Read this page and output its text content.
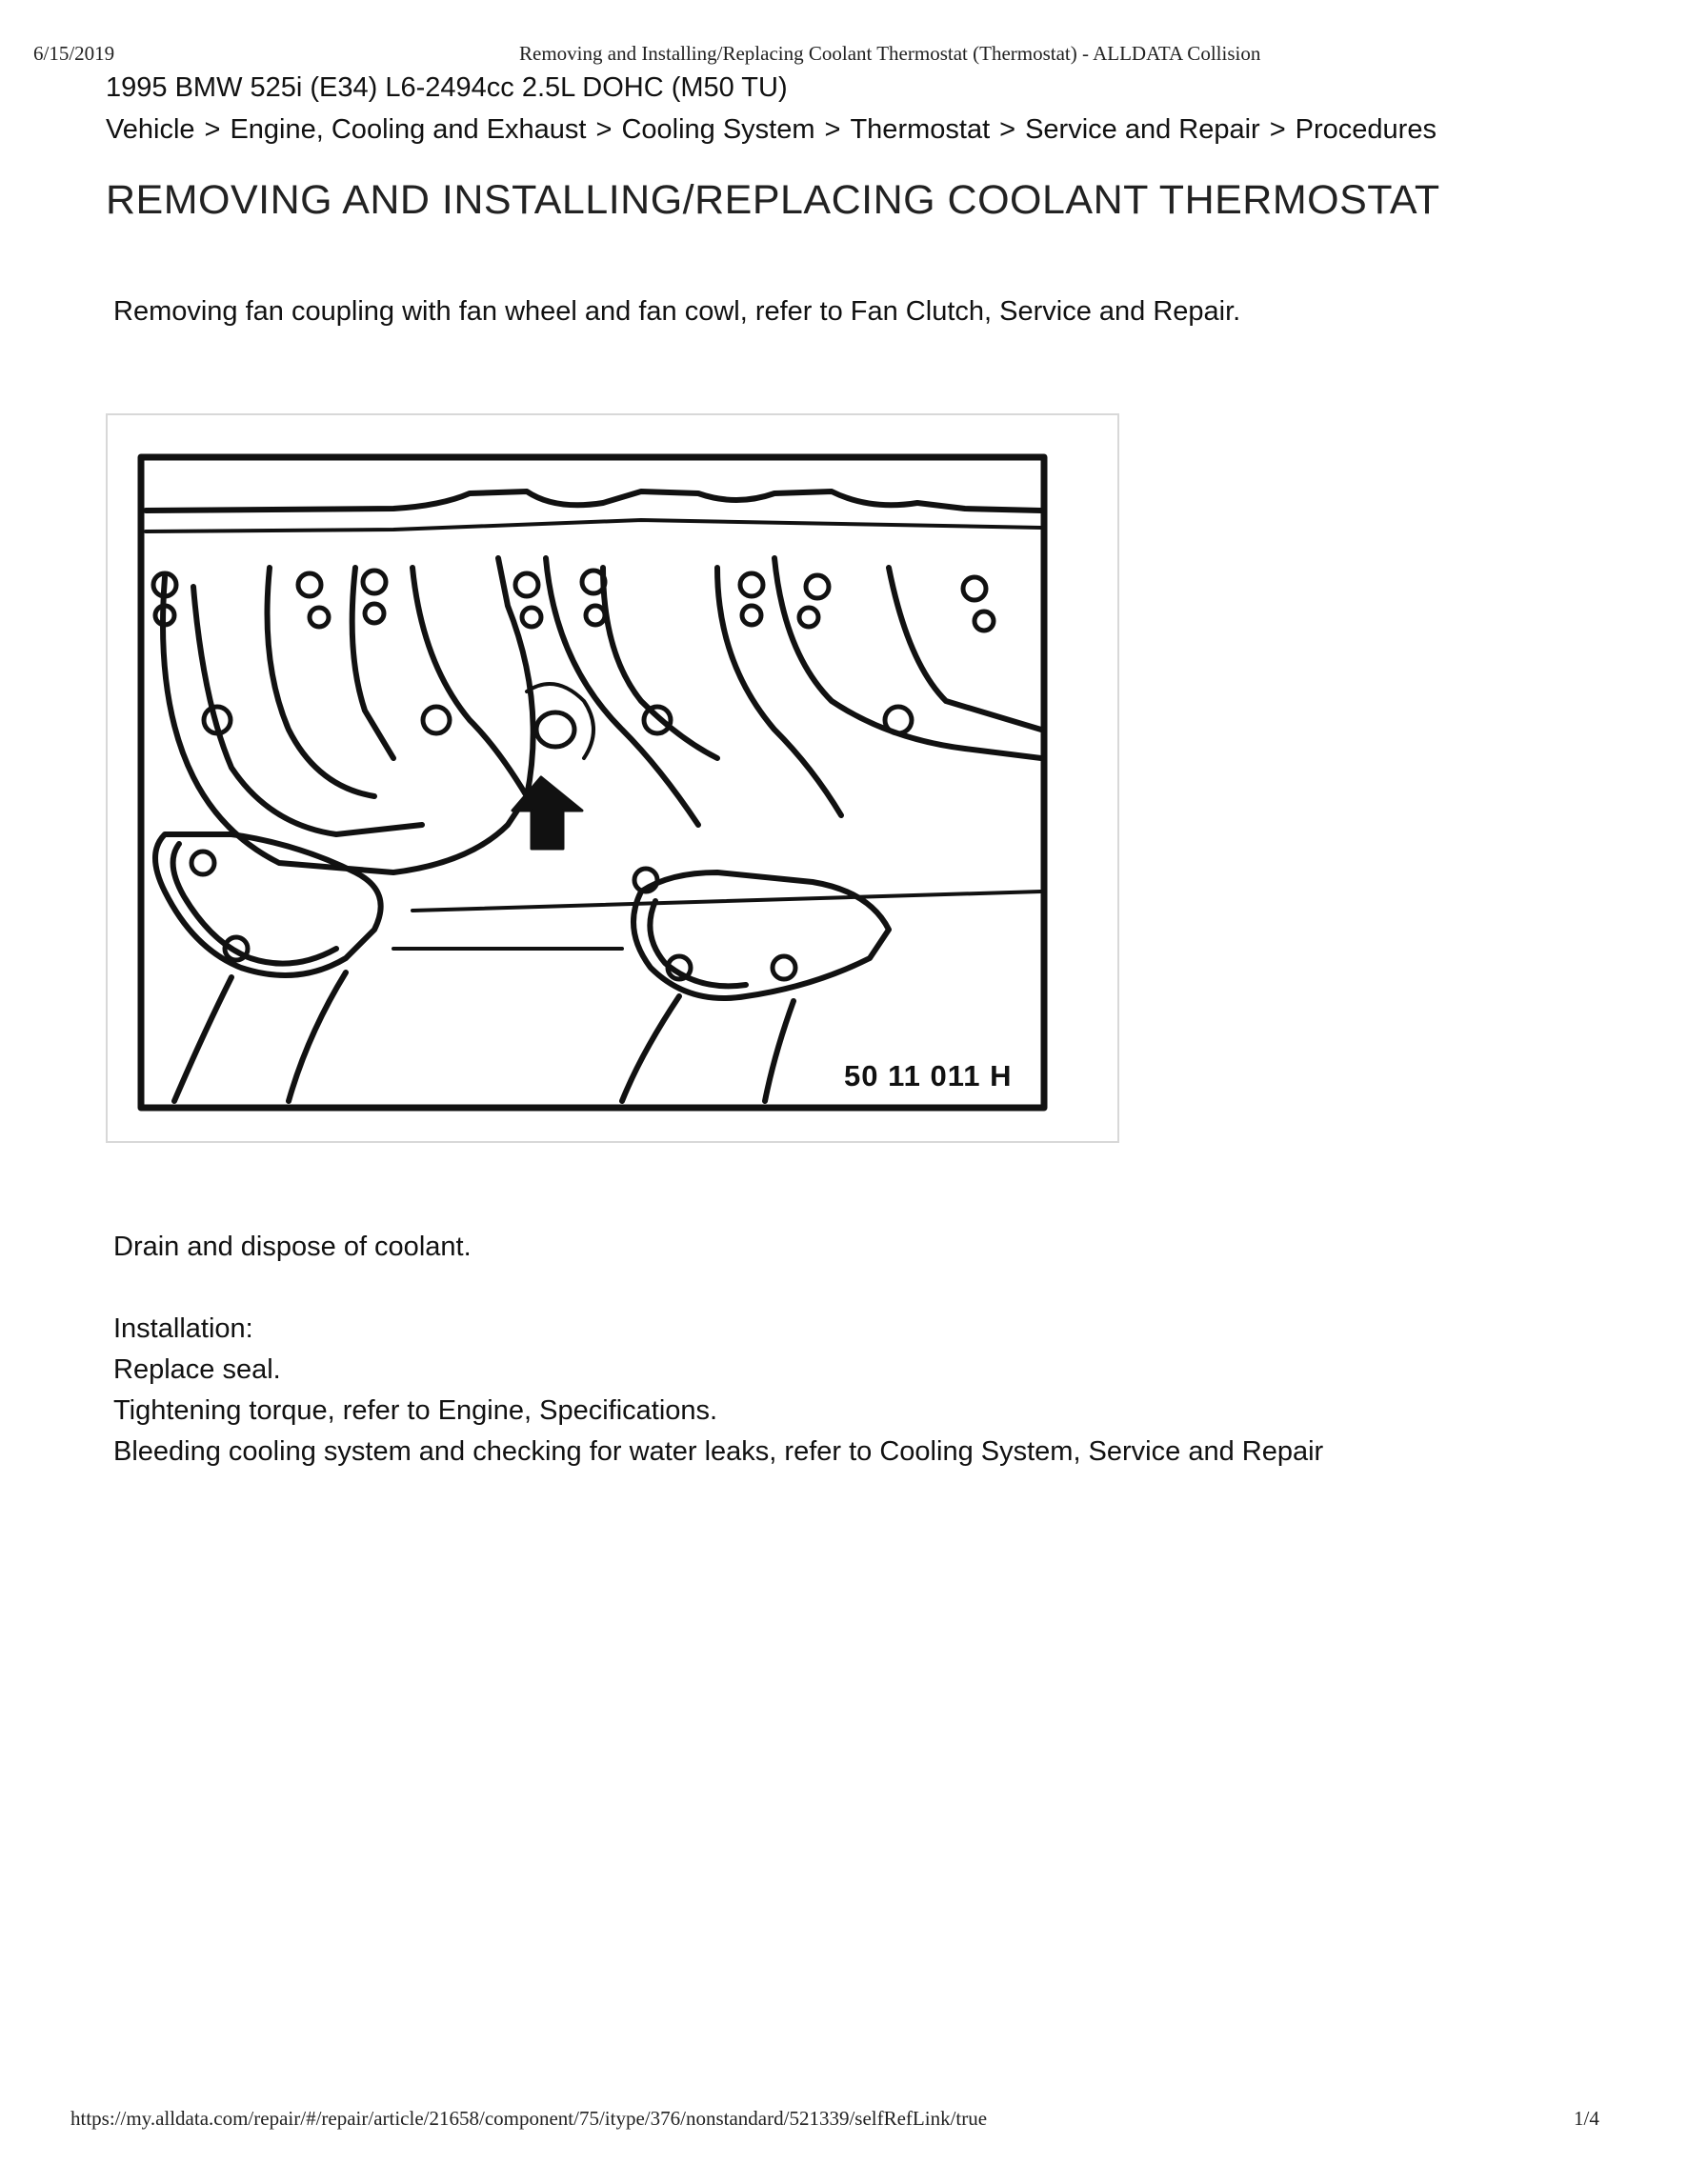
6/15/2019	Removing and Installing/Replacing Coolant Thermostat (Thermostat) - ALLDATA Collision
1995 BMW 525i (E34) L6-2494cc 2.5L DOHC (M50 TU)
Vehicle > Engine, Cooling and Exhaust > Cooling System > Thermostat > Service and Repair > Procedures
REMOVING AND INSTALLING/REPLACING COOLANT THERMOSTAT
Removing fan coupling with fan wheel and fan cowl, refer to Fan Clutch, Service and Repair.
50 11 011 H
Drain and dispose of coolant.
Installation:
Replace seal.
Tightening torque, refer to Engine, Specifications.
Bleeding cooling system and checking for water leaks, refer to Cooling System, Service and Repair
https://my.alldata.com/repair/#/repair/article/21658/component/75/itype/376/nonstandard/521339/selfRefLink/true	1/4
